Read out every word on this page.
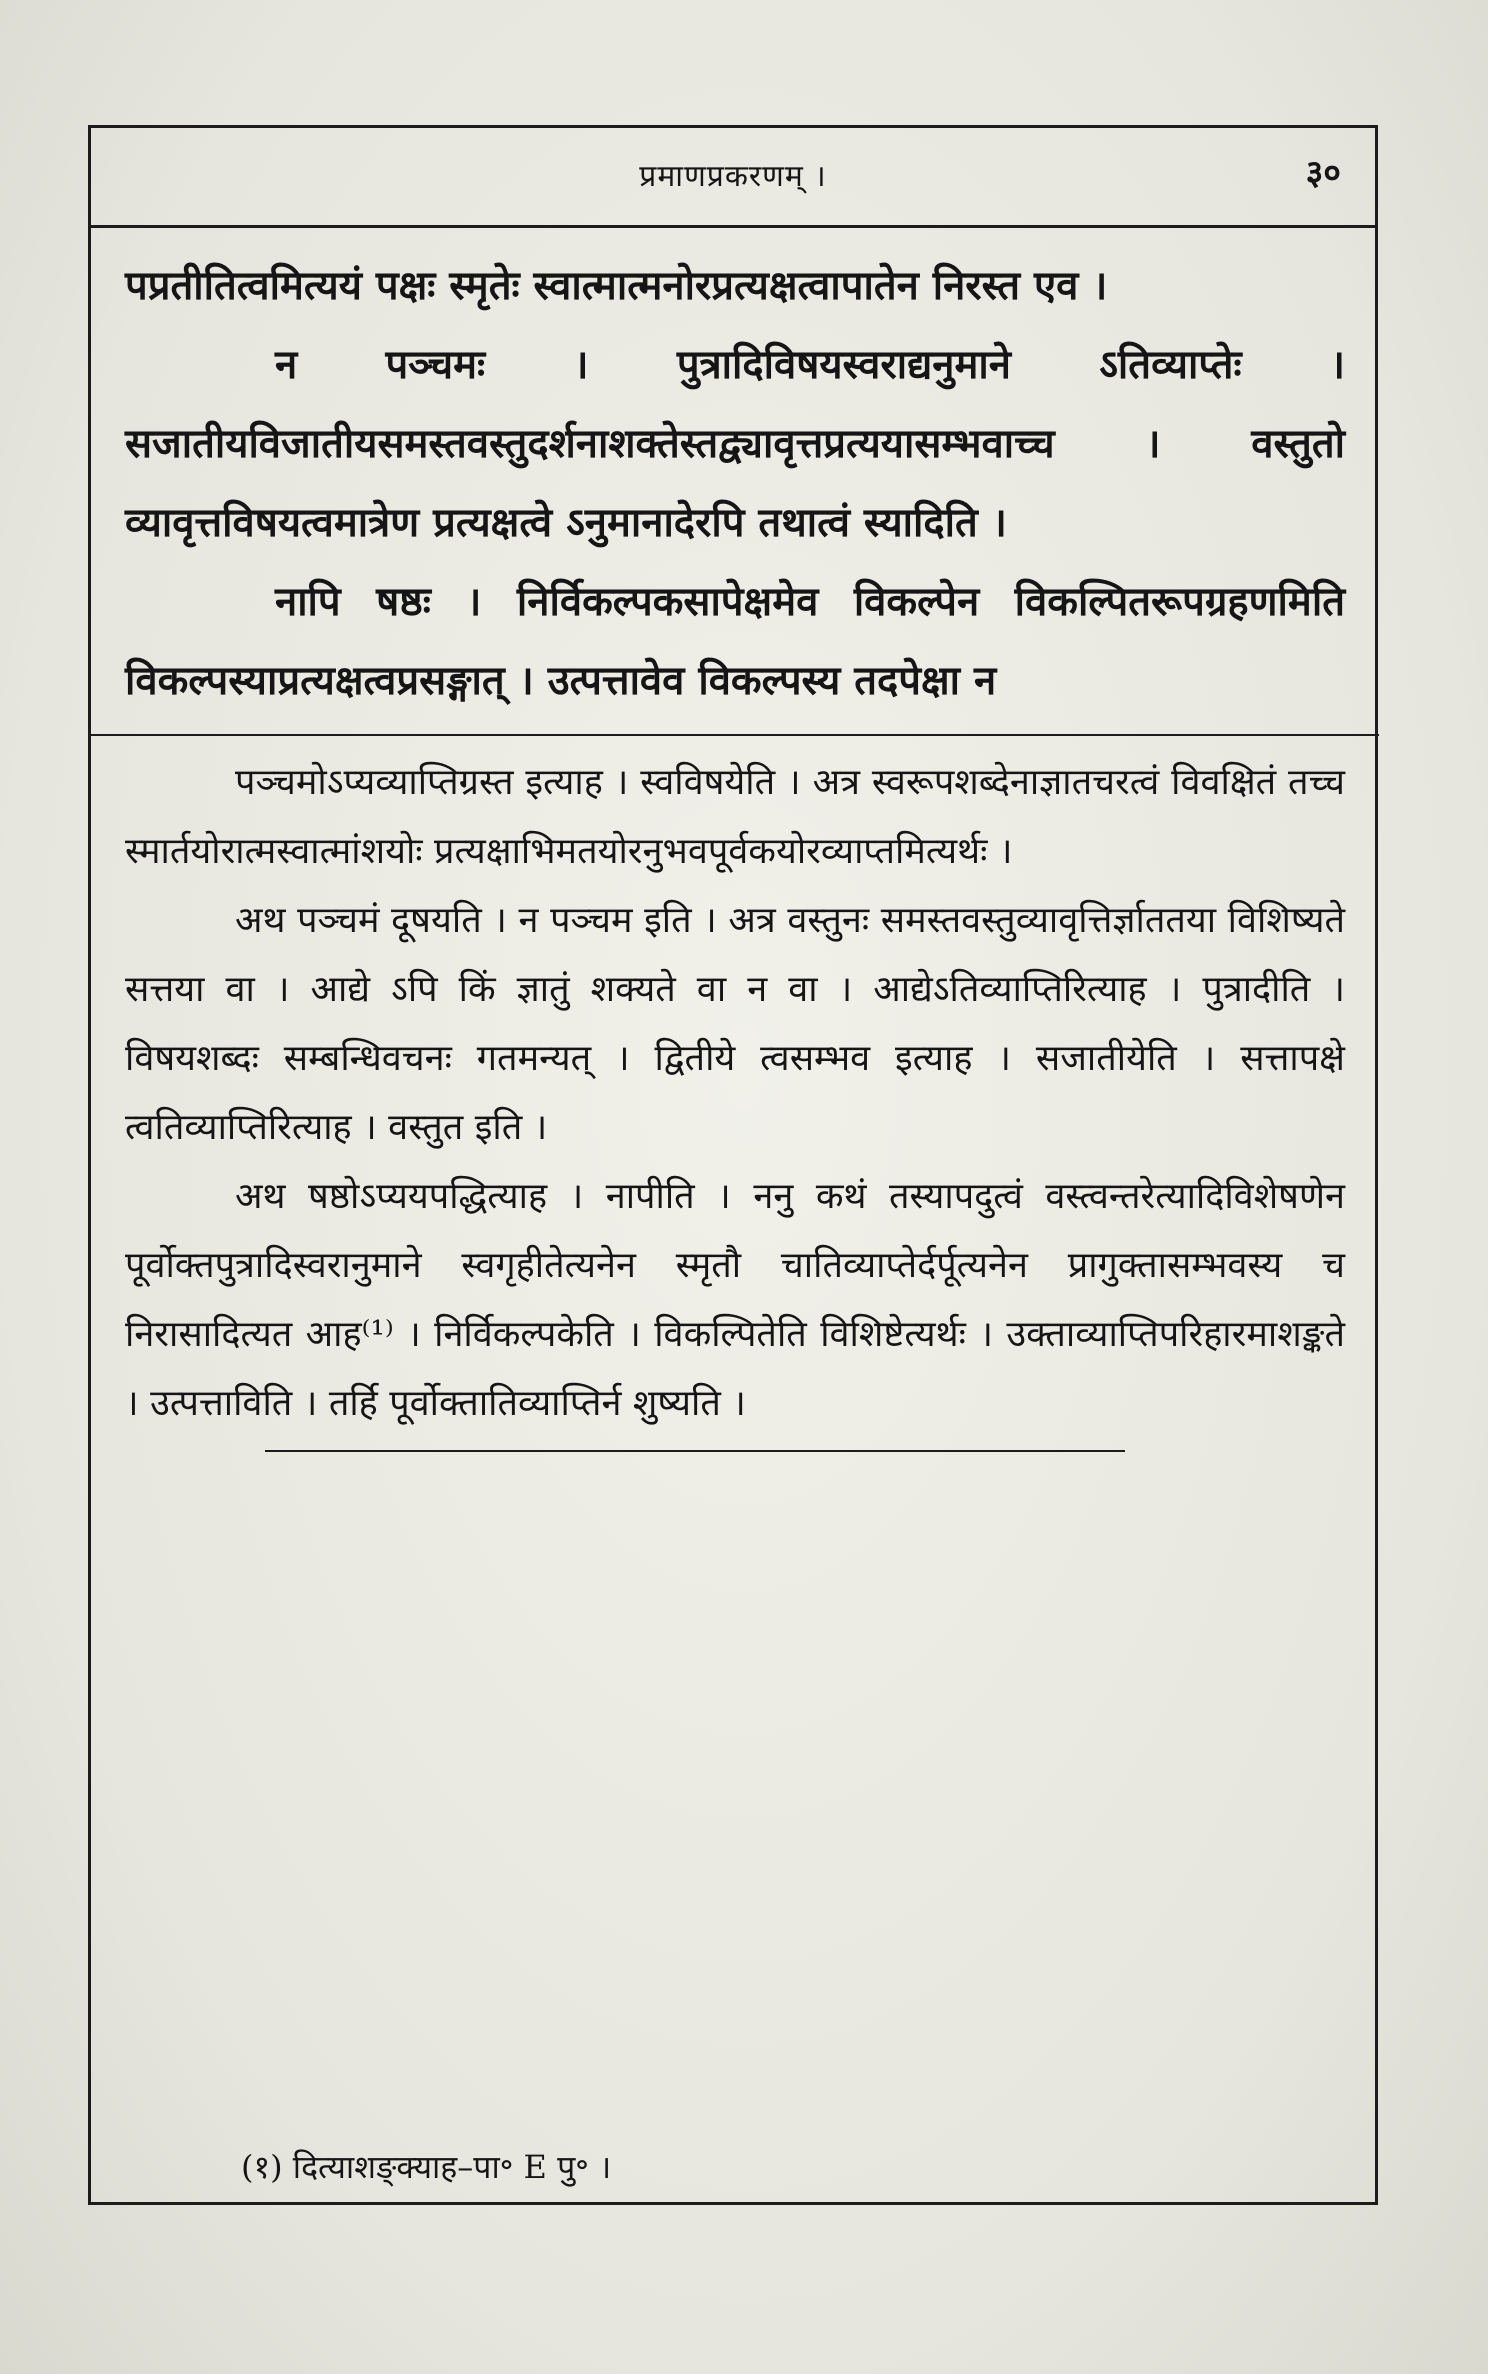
प्रमाणप्रकरणम् ।	३०

पप्रतीतित्वमित्ययं पक्षः स्मृतेः स्वात्मात्मनोरप्रत्यक्षत्वापातेन निरस्त एव ।

न पञ्चमः । पुत्रादिविषयस्वराद्यनुमाने ऽतिव्याप्तेः । सजातीयविजातीयसमस्तवस्तुदर्शनाशक्तेस्तद्व्यावृत्तप्रत्ययासम्भवाच्च । वस्तुतो व्यावृत्तविषयत्वमात्रेण प्रत्यक्षत्वे ऽनुमानादेरपि तथात्वं स्यादिति ।

नापि षष्ठः । निर्विकल्पकसापेक्षमेव विकल्पेन विकल्पितरूपग्रहणमिति विकल्पस्याप्रत्यक्षत्वप्रसङ्गात् । उत्पत्तावेव विकल्पस्य तदपेक्षा न

पञ्चमोऽप्यव्याप्तिग्रस्त इत्याह । स्वविषयेति । अत्र स्वरूपशब्देनाज्ञातचरत्वं विवक्षितं तच्च स्मार्तयोरात्मस्वात्मांशयोः प्रत्यक्षाभिमतयोरनुभवपूर्वकयोरव्याप्तमित्यर्थः ।

अथ पञ्चमं दूषयति । न पञ्चम इति । अत्र वस्तुनः समस्तवस्तुव्यावृत्तिर्ज्ञाततया विशिष्यते सत्तया वा । आद्ये ऽपि किं ज्ञातुं शक्यते वा न वा । आद्येऽतिव्याप्तिरित्याह । पुत्रादीति । विषयशब्दः सम्बन्धिवचनः गतमन्यत् । द्वितीये त्वसम्भव इत्याह । सजातीयेति । सत्तापक्षे त्वतिव्याप्तिरित्याह । वस्तुत इति ।

अथ षष्ठोऽप्ययपद्धित्याह । नापीति । ननु कथं तस्यापदुत्वं वस्त्वन्तरेत्यादिविशेषणेन पूर्वोक्तपुत्रादिस्वरानुमाने स्वगृहीतेत्यनेन स्मृतौ चातिव्याप्तेर्दर्पूत्यनेन प्रागुक्तासम्भवस्य च निरासादित्यत आह⁽¹⁾ । निर्विकल्पकेति । विकल्पितेति विशिष्टेत्यर्थः । उक्ताव्याप्तिपरिहारमाशङ्कते । उत्पत्ताविति । तर्हि पूर्वोक्तातिव्याप्तिर्न शुष्यति ।

(१) दित्याशङ्क्याह–पा॰ E पु॰ ।
